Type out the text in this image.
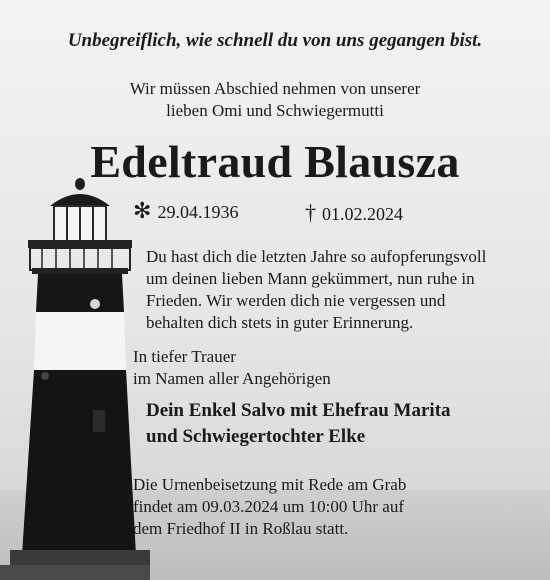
Unbegreiflich, wie schnell du von uns gegangen bist.
Wir müssen Abschied nehmen von unserer
lieben Omi und Schwiegermutti
Edeltraud Blausza
✻ 29.04.1936	† 01.02.2024
Du hast dich die letzten Jahre so aufopferungsvoll
um deinen lieben Mann gekümmert, nun ruhe in
Frieden. Wir werden dich nie vergessen und
behalten dich stets in guter Erinnerung.
In tiefer Trauer
im Namen aller Angehörigen
Dein Enkel Salvo mit Ehefrau Marita
und Schwiegertochter Elke
Die Urnenbeisetzung mit Rede am Grab
findet am 09.03.2024 um 10:00 Uhr auf
dem Friedhof II in Roßlau statt.
